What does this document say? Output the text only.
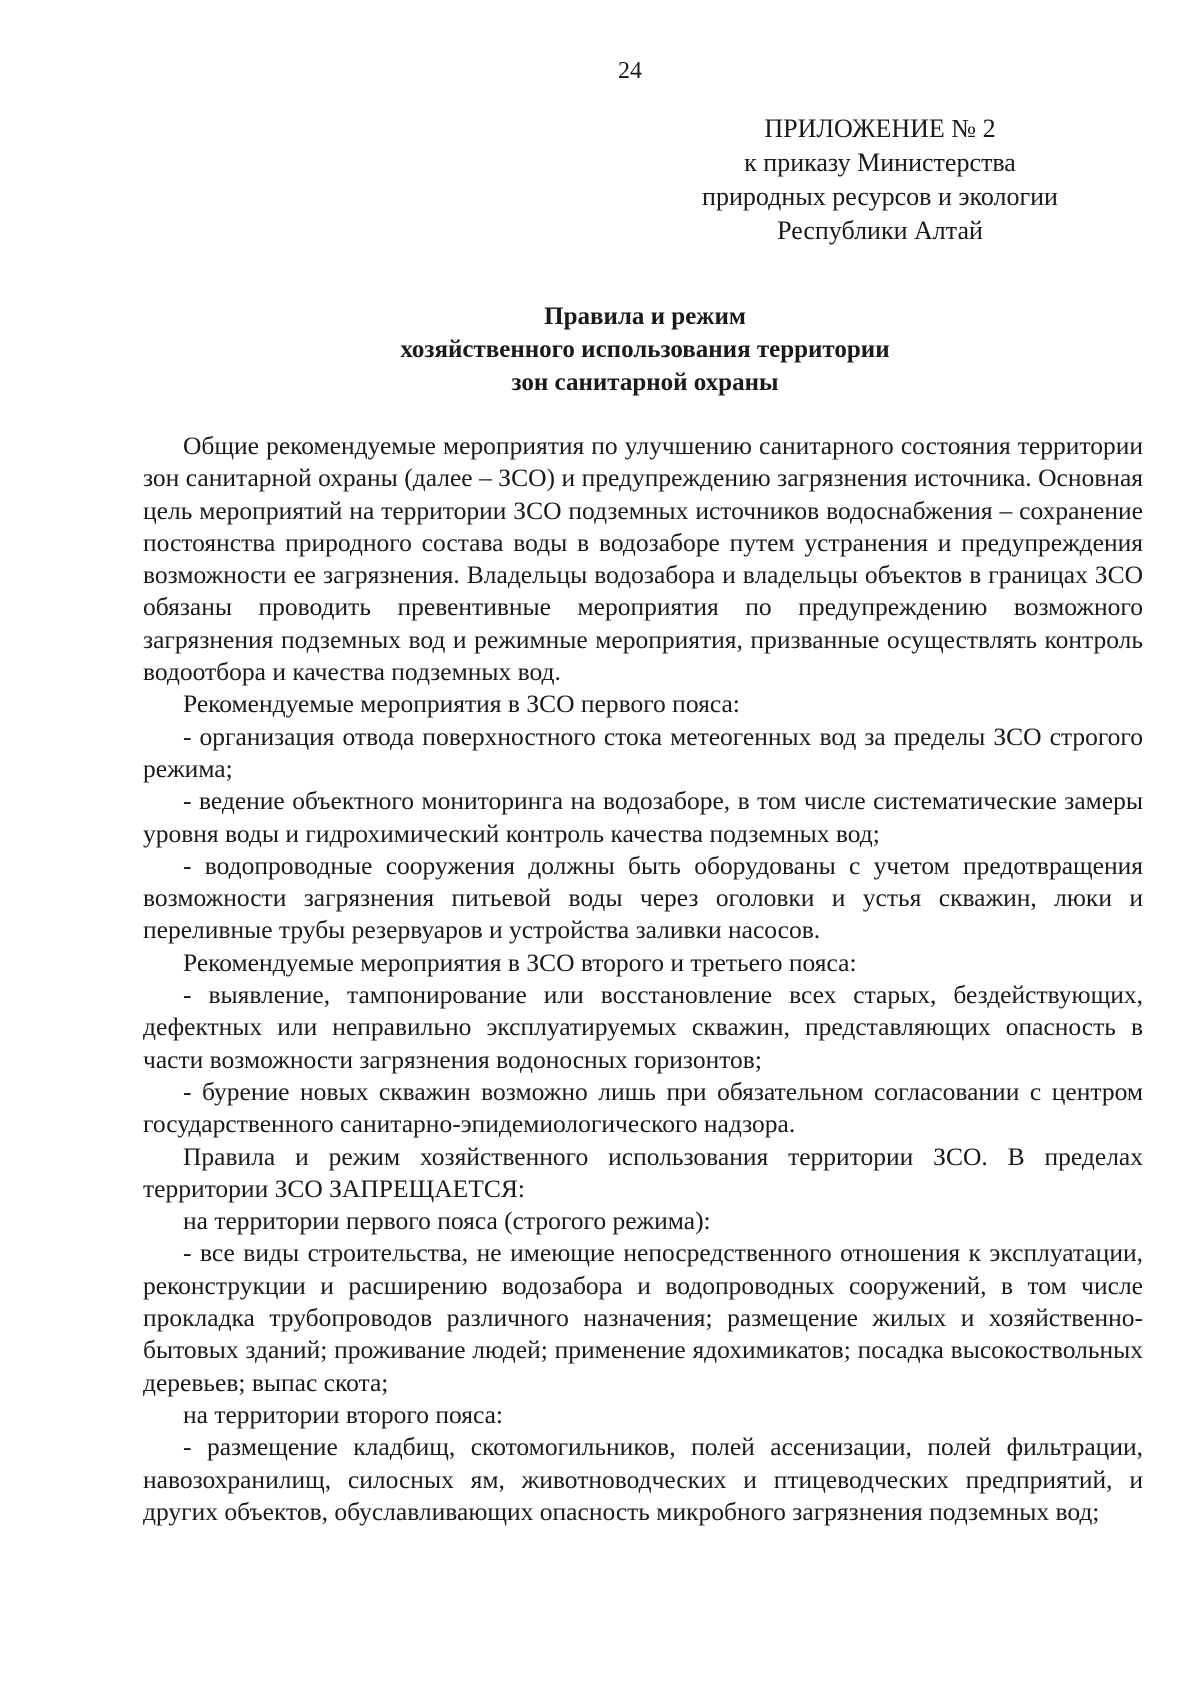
24
ПРИЛОЖЕНИЕ № 2
к приказу Министерства
природных ресурсов и экологии
Республики Алтай
Правила и режим
хозяйственного использования территории
зон санитарной охраны

Общие рекомендуемые мероприятия по улучшению санитарного состояния территории зон санитарной охраны (далее – ЗСО) и предупреждению загрязнения источника. Основная цель мероприятий на территории ЗСО подземных источников водоснабжения – сохранение постоянства природного состава воды в водозаборе путем устранения и предупреждения возможности ее загрязнения. Владельцы водозабора и владельцы объектов в границах ЗСО обязаны проводить превентивные мероприятия по предупреждению возможного загрязнения подземных вод и режимные мероприятия, призванные осуществлять контроль водоотбора и качества подземных вод.

Рекомендуемые мероприятия в ЗСО первого пояса:

- организация отвода поверхностного стока метеогенных вод за пределы ЗСО строгого режима;

- ведение объектного мониторинга на водозаборе, в том числе систематические замеры уровня воды и гидрохимический контроль качества подземных вод;

- водопроводные сооружения должны быть оборудованы с учетом предотвращения возможности загрязнения питьевой воды через оголовки и устья скважин, люки и переливные трубы резервуаров и устройства заливки насосов.

Рекомендуемые мероприятия в ЗСО второго и третьего пояса:

- выявление, тампонирование или восстановление всех старых, бездействующих, дефектных или неправильно эксплуатируемых скважин, представляющих опасность в части возможности загрязнения водоносных горизонтов;

- бурение новых скважин возможно лишь при обязательном согласовании с центром государственного санитарно-эпидемиологического надзора.

Правила и режим хозяйственного использования территории ЗСО. В пределах территории ЗСО ЗАПРЕЩАЕТСЯ:

на территории первого пояса (строгого режима):

- все виды строительства, не имеющие непосредственного отношения к эксплуатации, реконструкции и расширению водозабора и водопроводных сооружений, в том числе прокладка трубопроводов различного назначения; размещение жилых и хозяйственно-бытовых зданий; проживание людей; применение ядохимикатов; посадка высокоствольных деревьев; выпас скота;

на территории второго пояса:

- размещение кладбищ, скотомогильников, полей ассенизации, полей фильтрации, навозохранилищ, силосных ям, животноводческих и птицеводческих предприятий, и других объектов, обуславливающих опасность микробного загрязнения подземных вод;
